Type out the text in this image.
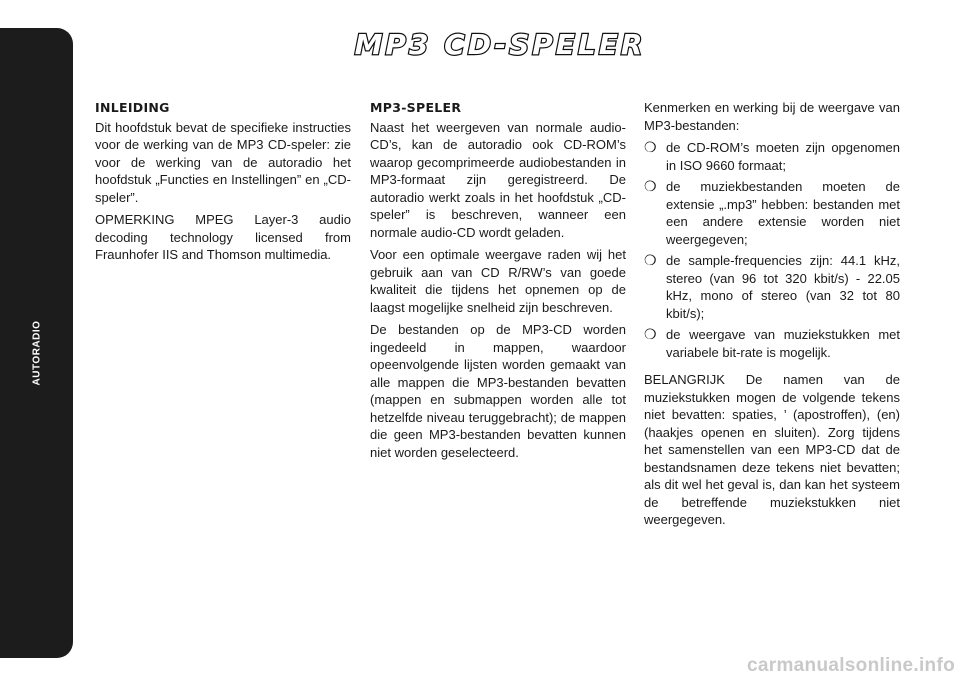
AUTORADIO
274
MP3 CD-SPELER
INLEIDING

Dit hoofdstuk bevat de specifieke instructies voor de werking van de MP3 CD-speler: zie voor de werking van de autoradio het hoofdstuk „Functies en Instellingen” en „CD-speler”.

OPMERKING MPEG Layer-3 audio decoding technology licensed from Fraunhofer IIS and Thomson multimedia.

MP3-SPELER

Naast het weergeven van normale audio-CD’s, kan de autoradio ook CD-ROM’s waarop gecomprimeerde audiobestanden in MP3-formaat zijn geregistreerd. De autoradio werkt zoals in het hoofdstuk „CD-speler” is beschreven, wanneer een normale audio-CD wordt geladen.

Voor een optimale weergave raden wij het gebruik aan van CD R/RW’s van goede kwaliteit die tijdens het opnemen op de laagst mogelijke snelheid zijn beschreven.

De bestanden op de MP3-CD worden ingedeeld in mappen, waardoor opeenvolgende lijsten worden gemaakt van alle mappen die MP3-bestanden bevatten (mappen en submappen worden alle tot hetzelfde niveau teruggebracht); de mappen die geen MP3-bestanden bevatten kunnen niet worden geselecteerd.

Kenmerken en werking bij de weergave van MP3-bestanden:

❍ de CD-ROM’s moeten zijn opgenomen in ISO 9660 formaat;
❍ de muziekbestanden moeten de extensie „.mp3” hebben: bestanden met een andere extensie worden niet weergegeven;
❍ de sample-frequencies zijn: 44.1 kHz, stereo (van 96 tot 320 kbit/s) - 22.05 kHz, mono of stereo (van 32 tot 80 kbit/s);
❍ de weergave van muziekstukken met variabele bit-rate is mogelijk.

BELANGRIJK De namen van de muziekstukken mogen de volgende tekens niet bevatten: spaties, ’ (apostroffen), (en) (haakjes openen en sluiten). Zorg tijdens het samenstellen van een MP3-CD dat de bestandsnamen deze tekens niet bevatten; als dit wel het geval is, dan kan het systeem de betreffende muziekstukken niet weergegeven.

carmanualsonline.info
